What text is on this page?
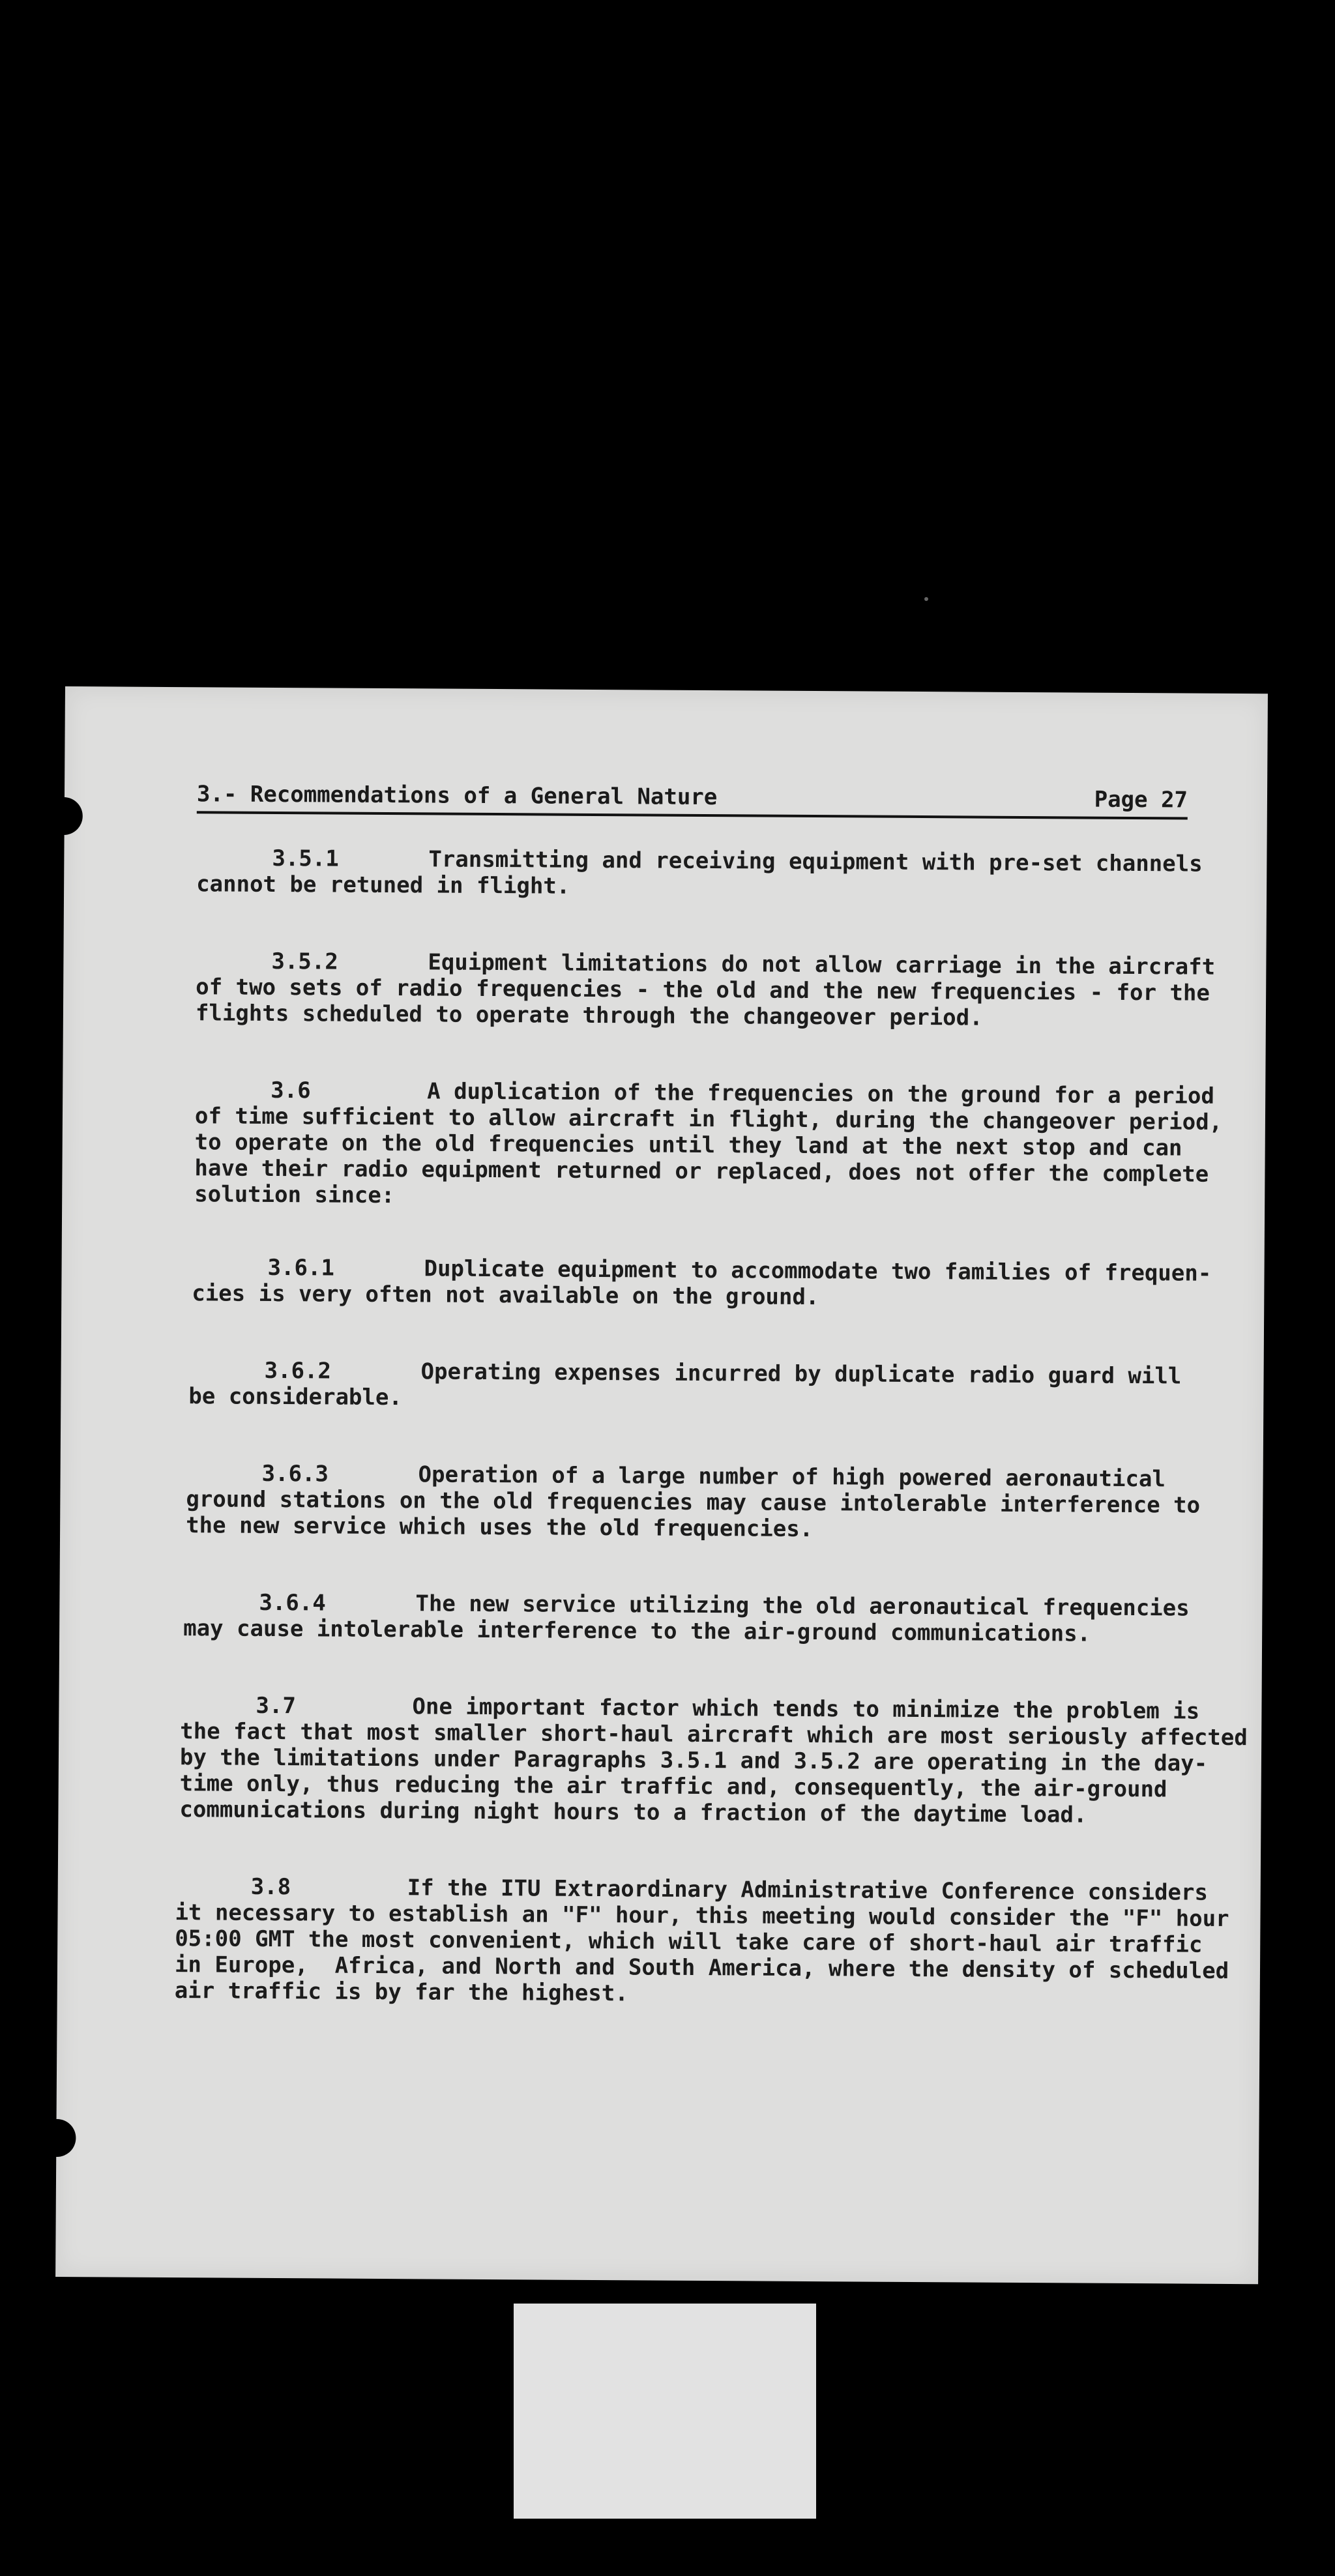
3.- Recommendations of a General Nature	Page 27
3.5.1	Transmitting and receiving equipment with pre-set channels
cannot be retuned in flight.
3.5.2	Equipment limitations do not allow carriage in the aircraft
of two sets of radio frequencies - the old and the new frequencies - for the
flights scheduled to operate through the changeover period.
3.6	A duplication of the frequencies on the ground for a period
of time sufficient to allow aircraft in flight, during the changeover period,
to operate on the old frequencies until they land at the next stop and can
have their radio equipment returned or replaced, does not offer the complete
solution since:
3.6.1	Duplicate equipment to accommodate two families of frequen-
cies is very often not available on the ground.
3.6.2	Operating expenses incurred by duplicate radio guard will
be considerable.
3.6.3	Operation of a large number of high powered aeronautical
ground stations on the old frequencies may cause intolerable interference to
the new service which uses the old frequencies.
3.6.4	The new service utilizing the old aeronautical frequencies
may cause intolerable interference to the air-ground communications.
3.7	One important factor which tends to minimize the problem is
the fact that most smaller short-haul aircraft which are most seriously affected
by the limitations under Paragraphs 3.5.1 and 3.5.2 are operating in the day-
time only, thus reducing the air traffic and, consequently, the air-ground
communications during night hours to a fraction of the daytime load.
3.8	If the ITU Extraordinary Administrative Conference considers
it necessary to establish an "F" hour, this meeting would consider the "F" hour
05:00 GMT the most convenient, which will take care of short-haul air traffic
in Europe,  Africa, and North and South America, where the density of scheduled
air traffic is by far the highest.
